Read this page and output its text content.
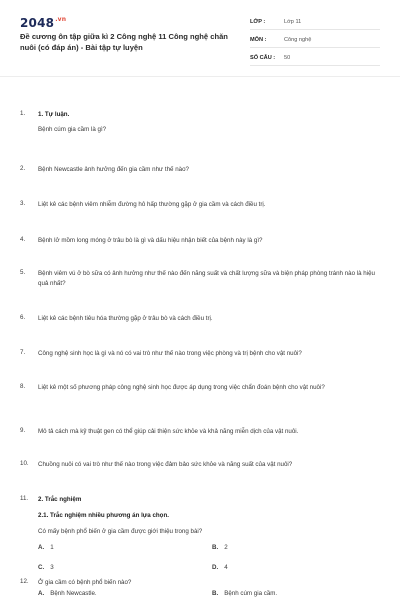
$2048^{.vn}$
Đề cương ôn tập giữa kì 2 Công nghệ 11 Công nghệ chăn nuôi (có đáp án) - Bài tập tự luyện
LỚP :	Lớp 11
MÔN :	Công nghệ
SỐ CÂU : 50
1.	1. Tự luận.
Bệnh cúm gia cầm là gì?
2.	Bệnh Newcastle ảnh hưởng đến gia cầm như thế nào?
3.	Liệt kê các bệnh viêm nhiễm đường hô hấp thường gặp ở gia cầm và cách điều trị.
4.	Bệnh lở mồm long móng ở trâu bò là gì và dấu hiệu nhận biết của bệnh này là gì?
5.	Bệnh viêm vú ở bò sữa có ảnh hưởng như thế nào đến năng suất và chất lượng sữa và biện pháp phòng tránh nào là hiệu quả nhất?
6.	Liệt kê các bệnh tiêu hóa thường gặp ở trâu bò và cách điều trị.
7.	Công nghệ sinh học là gì và nó có vai trò như thế nào trong việc phòng và trị bệnh cho vật nuôi?
8.	Liệt kê một số phương pháp công nghệ sinh học được áp dụng trong việc chẩn đoán bệnh cho vật nuôi?
9.	Mô tả cách mà kỹ thuật gen có thể giúp cải thiện sức khỏe và khả năng miễn dịch của vật nuôi.
10.	Chuồng nuôi có vai trò như thế nào trong việc đảm bảo sức khỏe và năng suất của vật nuôi?
11.	2. Trắc nghiệm
2.1. Trắc nghiệm nhiều phương án lựa chọn.
Có mấy bệnh phổ biến ở gia cầm được giới thiệu trong bài?
A. 1	B. 2
C. 3	D. 4
12.	Ở gia cầm có bệnh phổ biến nào?
A. Bệnh Newcastle.	B. Bệnh cúm gia cầm.
